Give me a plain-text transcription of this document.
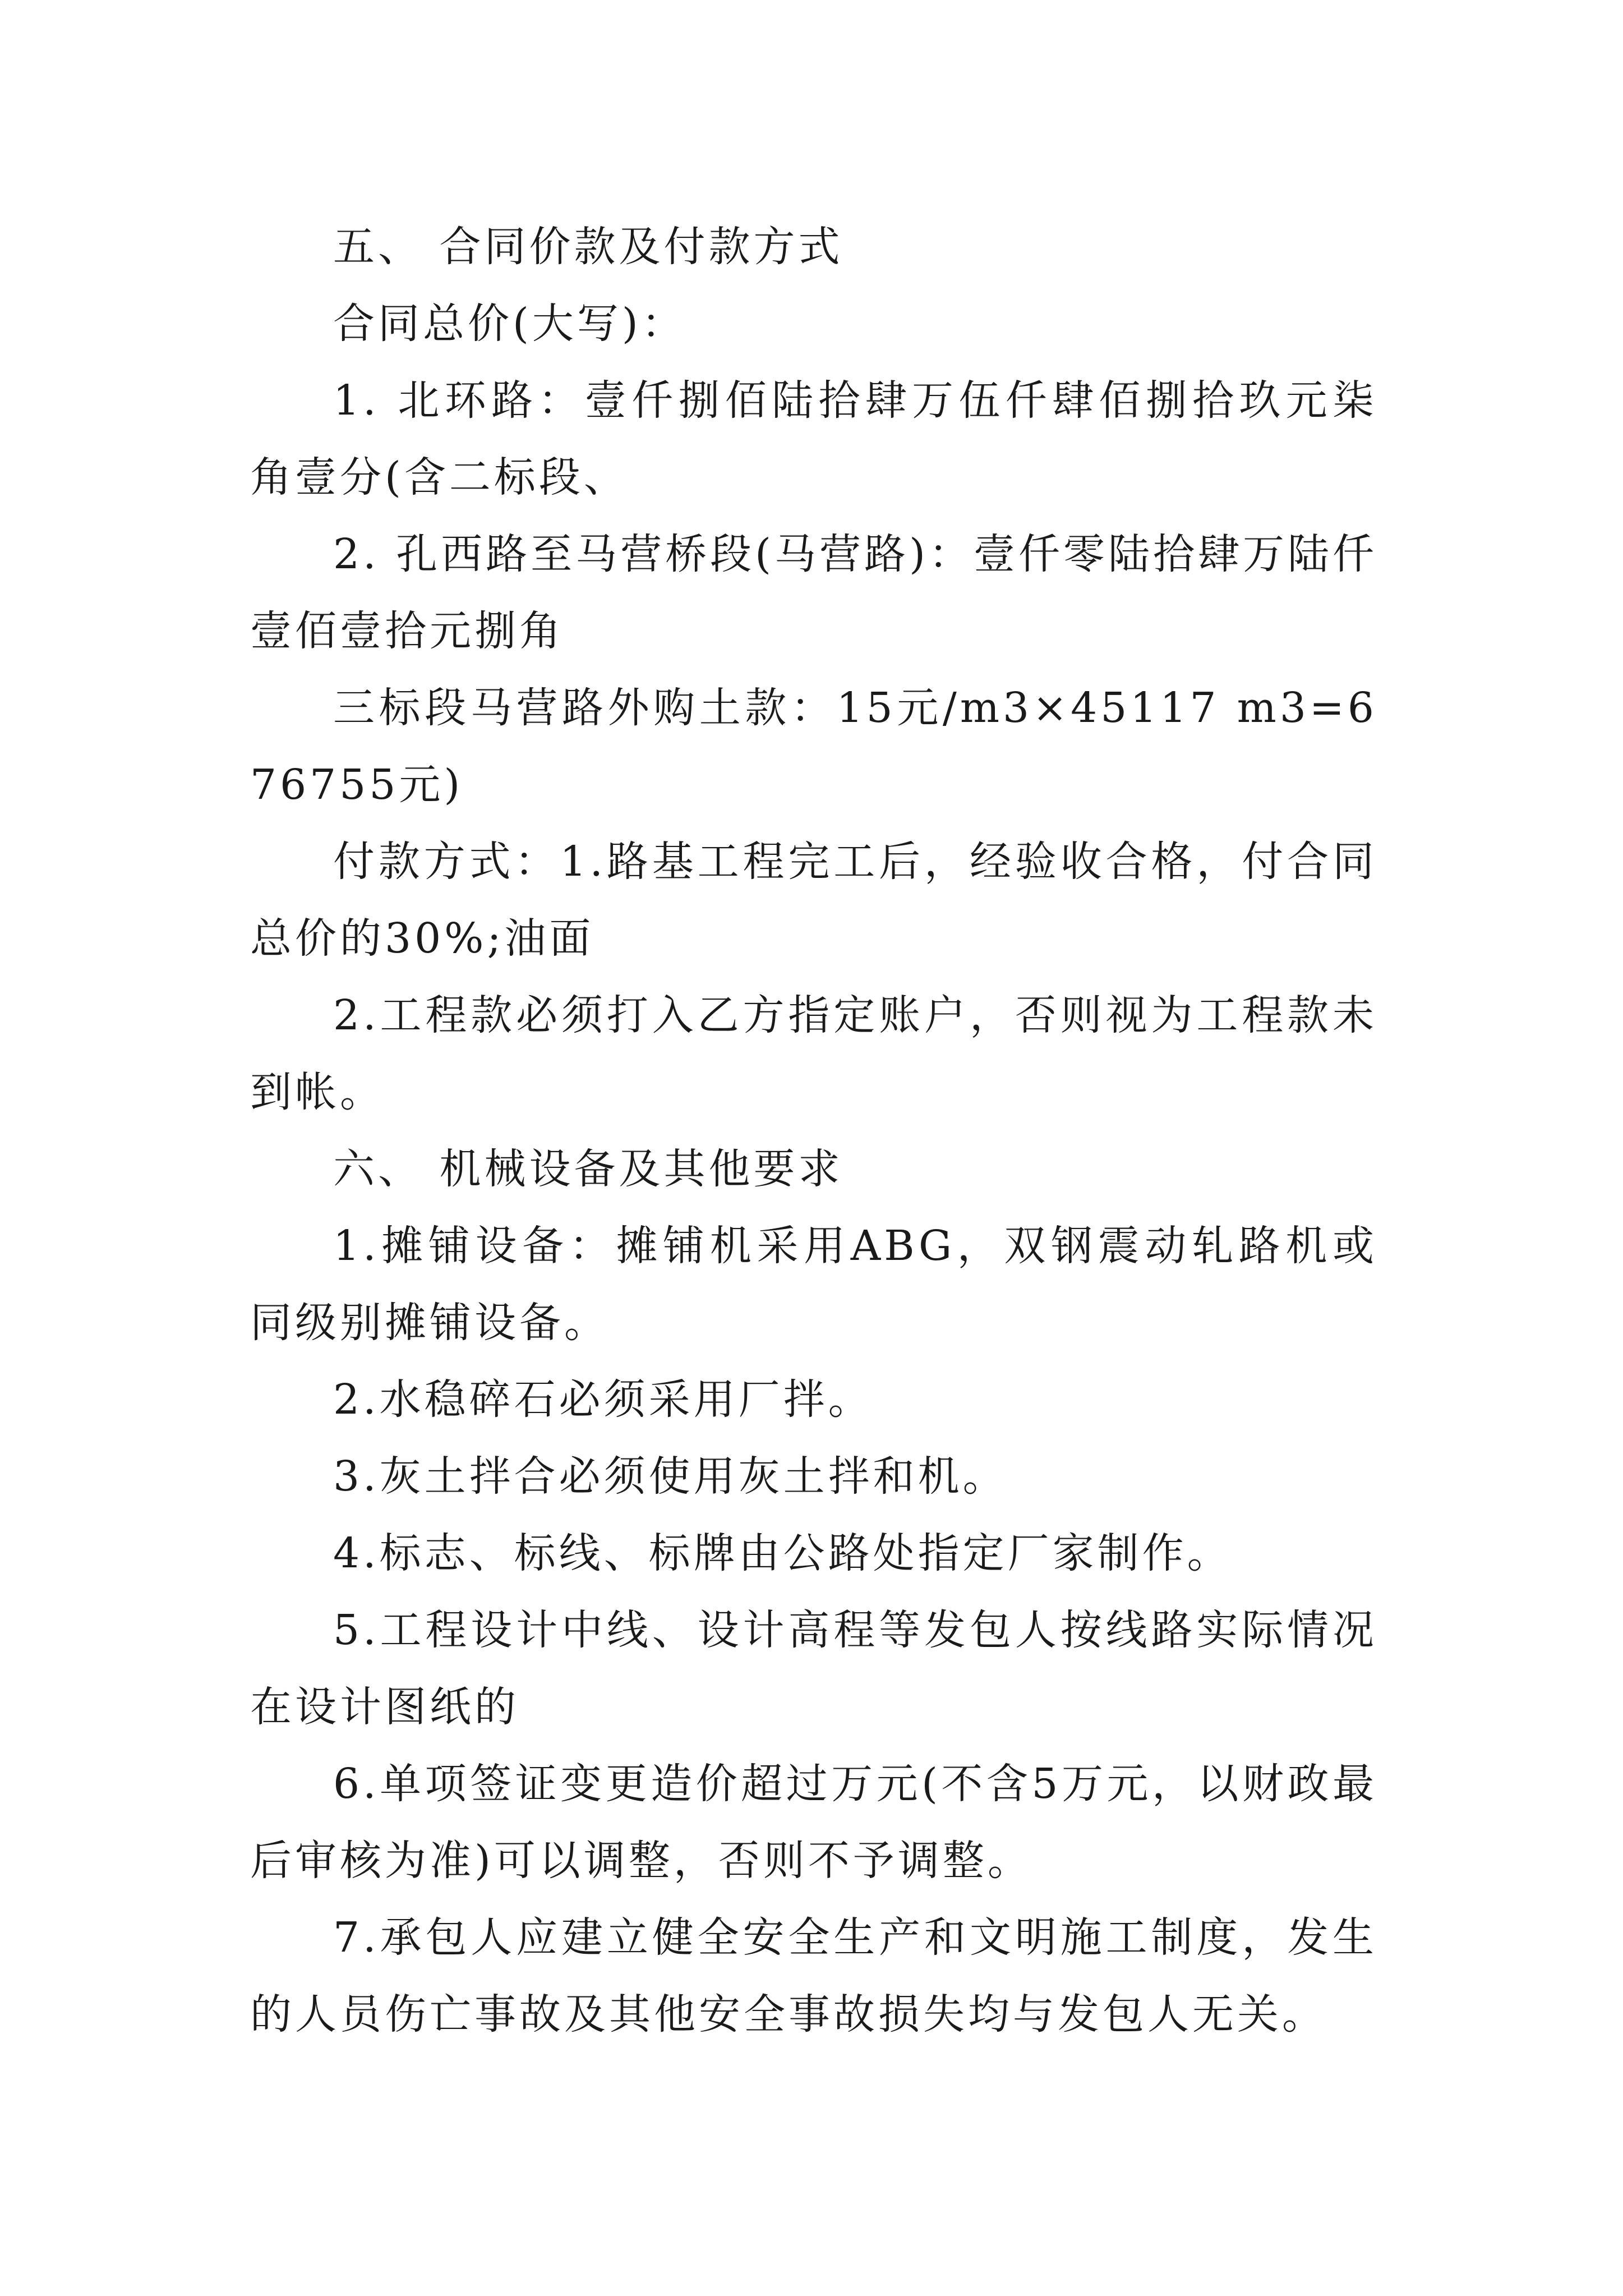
五、 合同价款及付款方式

合同总价(大写)：

1. 北环路：壹仟捌佰陆拾肆万伍仟肆佰捌拾玖元柒角壹分(含二标段、

2. 孔西路至马营桥段(马营路)：壹仟零陆拾肆万陆仟壹佰壹拾元捌角

三标段马营路外购土款：15元/m3×45117 m3=676755元)

付款方式：1.路基工程完工后，经验收合格，付合同总价的30%;油面

2.工程款必须打入乙方指定账户，否则视为工程款未到帐。

六、 机械设备及其他要求

1.摊铺设备：摊铺机采用ABG，双钢震动轧路机或同级别摊铺设备。

2.水稳碎石必须采用厂拌。

3.灰土拌合必须使用灰土拌和机。

4.标志、标线、标牌由公路处指定厂家制作。

5.工程设计中线、设计高程等发包人按线路实际情况在设计图纸的

6.单项签证变更造价超过万元(不含5万元，以财政最后审核为准)可以调整，否则不予调整。

7.承包人应建立健全安全生产和文明施工制度，发生的人员伤亡事故及其他安全事故损失均与发包人无关。
